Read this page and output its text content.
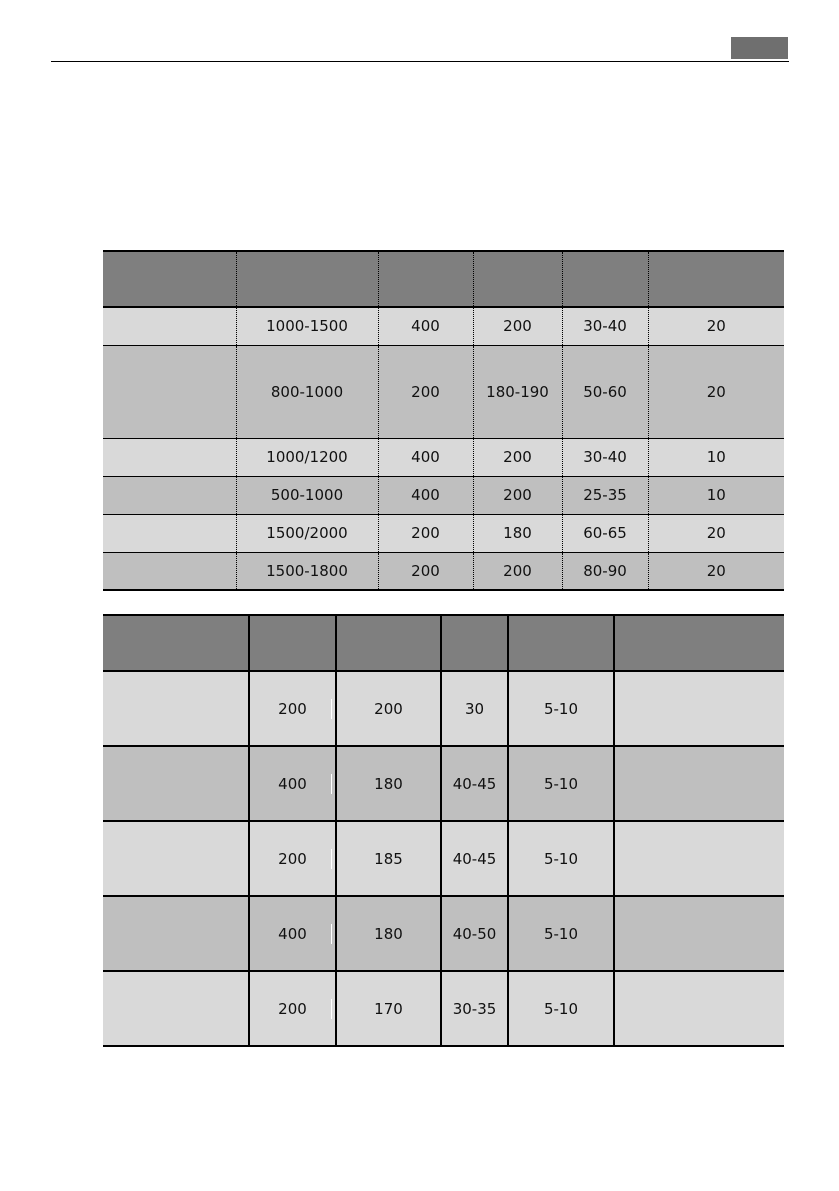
	1000-1500	400	200	30-40	20
	800-1000	200	180-190	50-60	20
	1000/1200	400	200	30-40	10
	500-1000	400	200	25-35	10
	1500/2000	200	180	60-65	20
	1500-1800	200	200	80-90	20

	200	200	30	5-10	
	400	180	40-45	5-10	
	200	185	40-45	5-10	
	400	180	40-50	5-10	
	200	170	30-35	5-10	
